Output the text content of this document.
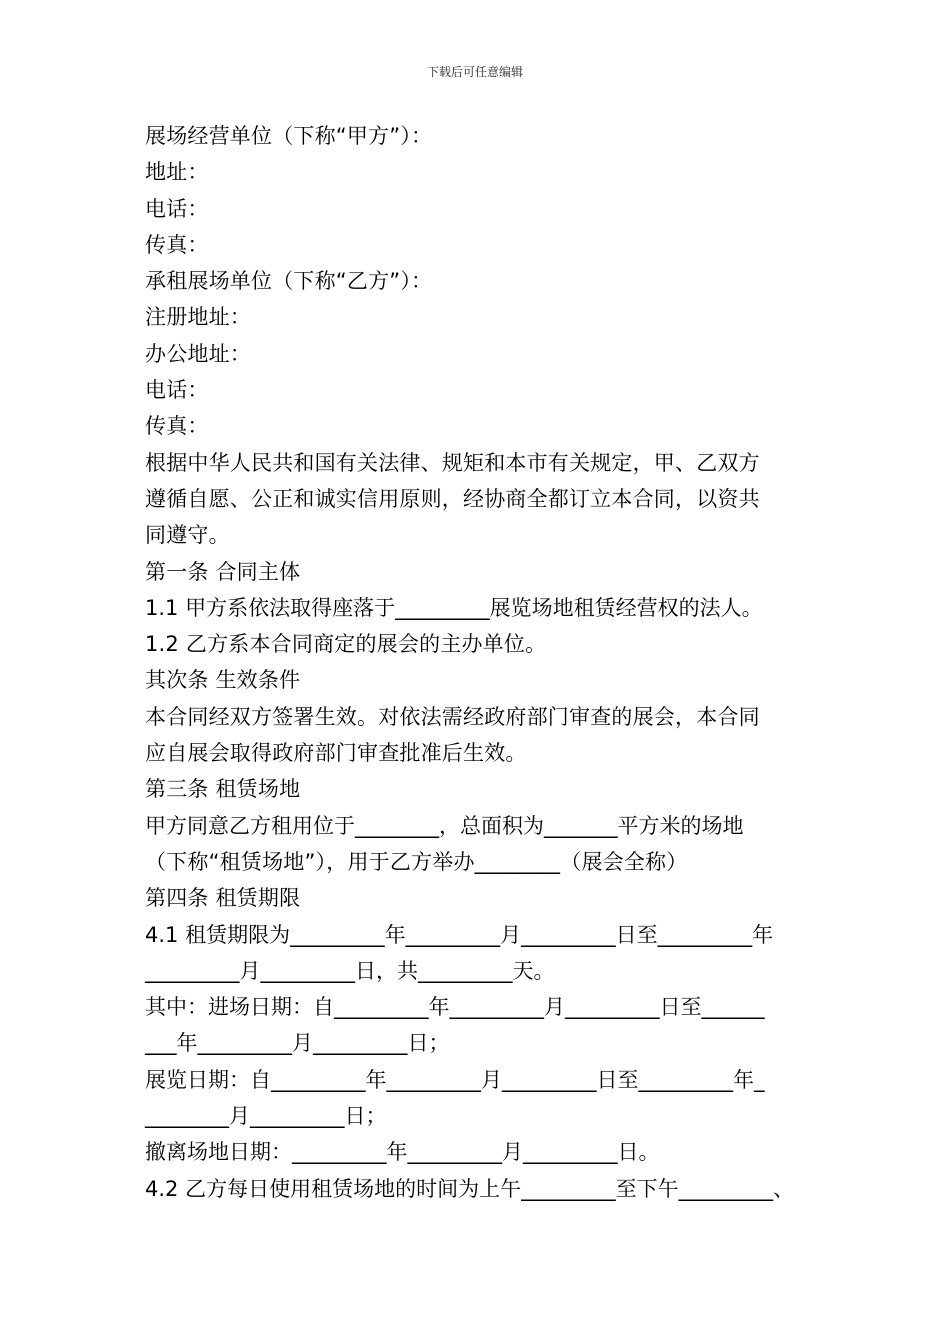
下载后可任意编辑
展场经营单位（下称“甲方”）：
地址：
电话：
传真：
承租展场单位（下称“乙方”）：
注册地址：
办公地址：
电话：
传真：
根据中华人民共和国有关法律、规矩和本市有关规定，甲、乙双方
遵循自愿、公正和诚实信用原则，经协商全都订立本合同，以资共
同遵守。
第一条 合同主体
1.1 甲方系依法取得座落于_________展览场地租赁经营权的法人。
1.2 乙方系本合同商定的展会的主办单位。
其次条 生效条件
本合同经双方签署生效。对依法需经政府部门审查的展会，本合同
应自展会取得政府部门审查批准后生效。
第三条 租赁场地
甲方同意乙方租用位于________，总面积为_______平方米的场地
（下称“租赁场地”），用于乙方举办________（展会全称）
第四条 租赁期限
4.1 租赁期限为_________年_________月_________日至_________年
_________月_________日，共_________天。
其中：进场日期：自_________年_________月_________日至______
___年_________月_________日；
展览日期：自_________年_________月_________日至_________年_
________月_________日；
撤离场地日期：_________年_________月_________日。
4.2 乙方每日使用租赁场地的时间为上午_________至下午_________、
